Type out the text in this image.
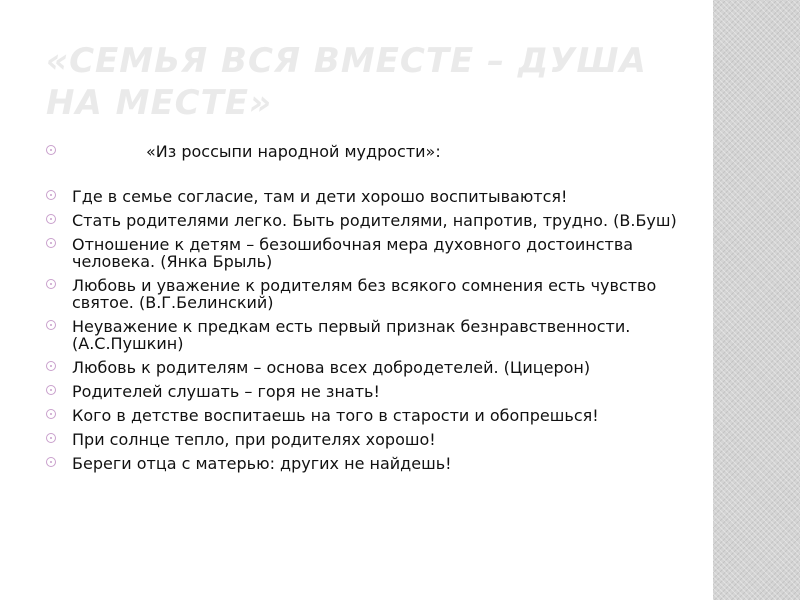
«СЕМЬЯ ВСЯ ВМЕСТЕ – ДУША НА МЕСТЕ»
«Из россыпи народной мудрости»:
Где в семье согласие, там и дети хорошо воспитываются!
Стать родителями легко. Быть родителями, напротив, трудно. (В.Буш)
Отношение к детям – безошибочная мера духовного достоинства человека. (Янка Брыль)
Любовь и уважение к родителям без всякого сомнения есть чувство святое. (В.Г.Белинский)
Неуважение к предкам есть первый признак безнравственности. (А.С.Пушкин)
Любовь к родителям – основа всех добродетелей. (Цицерон)
Родителей слушать – горя не знать!
Кого в детстве воспитаешь на того в старости и обопрешься!
При солнце тепло, при родителях хорошо!
Береги отца с матерью: других не найдешь!
